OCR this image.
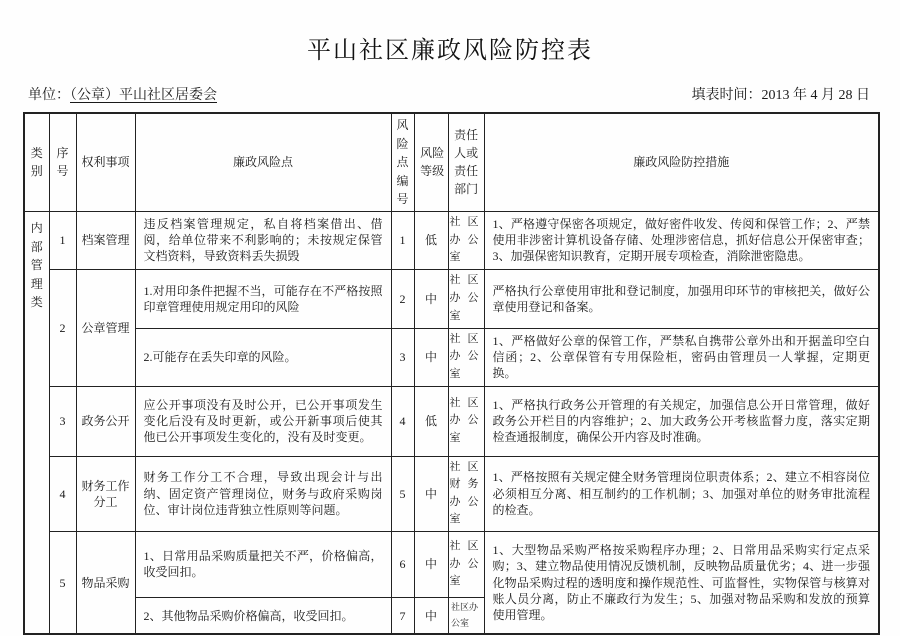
平山社区廉政风险防控表
单位：（公章）平山社区居委会	填表时间：2013 年 4 月 28 日
类别	序号	权利事项	廉政风险点	风险点编号	风险等级	责任人或责任部门	廉政风险防控措施

内部管理类	1	档案管理	违反档案管理规定，私自将档案借出、借阅，给单位带来不利影响的；未按规定保管文档资料，导致资料丢失损毁	1	低	社区办公室	1、严格遵守保密各项规定，做好密件收发、传阅和保管工作；2、严禁使用非涉密计算机设备存储、处理涉密信息，抓好信息公开保密审查；3、加强保密知识教育，定期开展专项检查，消除泄密隐患。
	2	公章管理	1.对用印条件把握不当，可能存在不严格按照印章管理使用规定用印的风险	2	中	社区办公室	严格执行公章使用审批和登记制度，加强用印环节的审核把关，做好公章使用登记和备案。
			2.可能存在丢失印章的风险。	3	中	社区办公室	1、严格做好公章的保管工作，严禁私自携带公章外出和开据盖印空白信函；2、公章保管有专用保险柜，密码由管理员一人掌握，定期更换。
	3	政务公开	应公开事项没有及时公开，已公开事项发生变化后没有及时更新，或公开新事项后使其他已公开事项发生变化的，没有及时变更。	4	低	社区办公室	1、严格执行政务公开管理的有关规定，加强信息公开日常管理，做好政务公开栏目的内容维护；2、加大政务公开考核监督力度，落实定期检查通报制度，确保公开内容及时准确。
	4	财务工作分工	财务工作分工不合理，导致出现会计与出纳、固定资产管理岗位，财务与政府采购岗位、审计岗位违背独立性原则等问题。	5	中	社区财务办公室	1、严格按照有关规定健全财务管理岗位职责体系；2、建立不相容岗位必须相互分离、相互制约的工作机制；3、加强对单位的财务审批流程的检查。
	5	物品采购	1、日常用品采购质量把关不严，价格偏高，收受回扣。	6	中	社区办公室	1、大型物品采购严格按采购程序办理；2、日常用品采购实行定点采购；3、建立物品使用情况反馈机制，反映物品质量优劣；4、进一步强化物品采购过程的透明度和操作规范性、可监督性，实物保管与核算对账人员分离，防止不廉政行为发生；5、加强对物品采购和发放的预算使用管理。
			2、其他物品采购价格偏高，收受回扣。	7	中	社区办公室	
